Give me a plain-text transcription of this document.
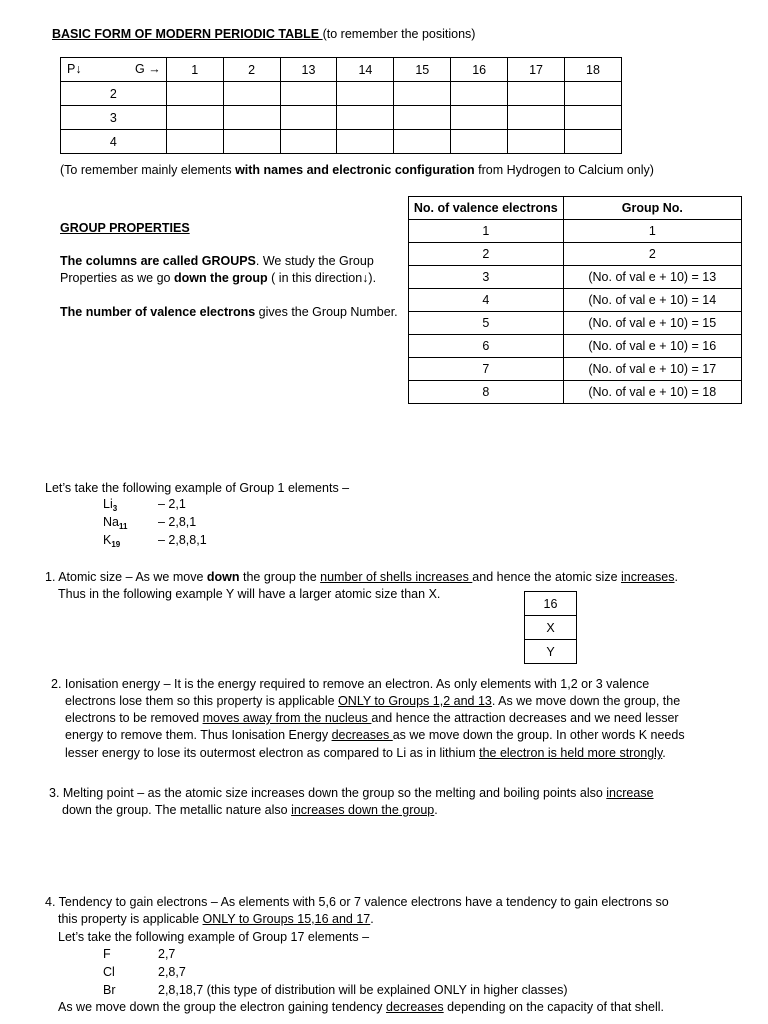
BASIC FORM OF MODERN PERIODIC TABLE (to remember the positions)
P↓ G →	1	2	13	14	15	16	17	18
2								
3								
4								
(To remember mainly elements with names and electronic configuration from Hydrogen to Calcium only)
GROUP PROPERTIES
The columns are called GROUPS. We study the Group
Properties as we go down the group ( in this direction↓).
The number of valence electrons gives the Group Number.
No. of valence electrons	Group No.
1	1
2	2
3	(No. of val e + 10) = 13
4	(No. of val e + 10) = 14
5	(No. of val e + 10) = 15
6	(No. of val e + 10) = 16
7	(No. of val e + 10) = 17
8	(No. of val e + 10) = 18
Let’s take the following example of Group 1 elements –
$Li_3$	– 2,1
$Na_{11} - 2,8,1$
$K_{19}$	– 2,8,8,1
1. Atomic size – As we move down the group the number of shells increases and hence the atomic size increases.
Thus in the following example Y will have a larger atomic size than X.
16
X
Y
2. Ionisation energy – It is the energy required to remove an electron. As only elements with 1,2 or 3 valence
electrons lose them so this property is applicable ONLY to Groups 1,2 and 13. As we move down the group, the
electrons to be removed moves away from the nucleus and hence the attraction decreases and we need lesser
energy to remove them. Thus Ionisation Energy decreases as we move down the group. In other words K needs
lesser energy to lose its outermost electron as compared to Li as in lithium the electron is held more strongly.
3. Melting point – as the atomic size increases down the group so the melting and boiling points also increase
down the group. The metallic nature also increases down the group.
4. Tendency to gain electrons – As elements with 5,6 or 7 valence electrons have a tendency to gain electrons so
this property is applicable ONLY to Groups 15,16 and 17.
Let’s take the following example of Group 17 elements –
F	2,7
Cl	2,8,7
Br	2,8,18,7 (this type of distribution will be explained ONLY in higher classes)
As we move down the group the electron gaining tendency decreases depending on the capacity of that shell.
